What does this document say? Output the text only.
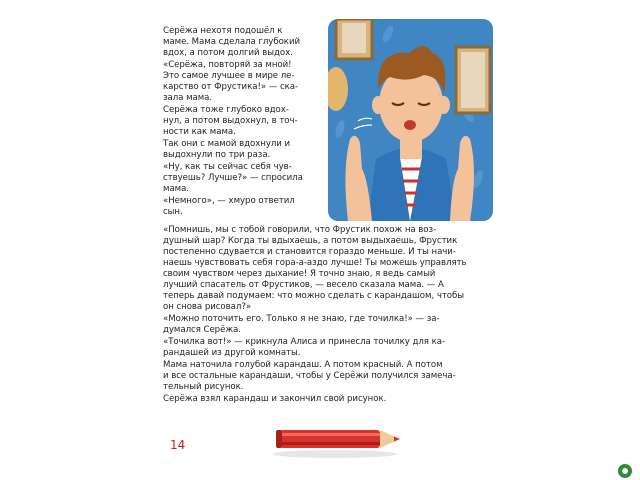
Серёжа нехотя подошёл к
маме. Мама сделала глубокий
вдох, а потом долгий выдох.

«Серёжа, повторяй за мной!
Это самое лучшее в мире ле-
карство от Фрустика!» — ска-
зала мама.

Серёжа тоже глубоко вдох-
нул, а потом выдохнул, в точ-
ности как мама.

Так они с мамой вдохнули и
выдохнули по три раза.

«Ну, как ты сейчас себя чув-
ствуешь? Лучше?» — спросила
мама.

«Немного», — хмуро ответил
сын.

«Помнишь, мы с тобой говорили, что Фрустик похож на воз-
душный шар? Когда ты вдыхаешь, а потом выдыхаешь, Фрустик
постепенно сдувается и становится гораздо меньше. И ты начи-
наешь чувствовать себя гора-а-аздо лучше! Ты можешь управлять
своим чувством через дыхание! Я точно знаю, я ведь самый
лучший спасатель от Фрустиков, — весело сказала мама. — А
теперь давай подумаем: что можно сделать с карандашом, чтобы
он снова рисовал?»

«Можно поточить его. Только я не знаю, где точилка!» — за-
думался Серёжа.

«Точилка вот!» — крикнула Алиса и принесла точилку для ка-
рандашей из другой комнаты.

Мама наточила голубой карандаш. А потом красный. А потом
и все остальные карандаши, чтобы у Серёжи получился замеча-
тельный рисунок.

Серёжа взял карандаш и закончил свой рисунок.

14
